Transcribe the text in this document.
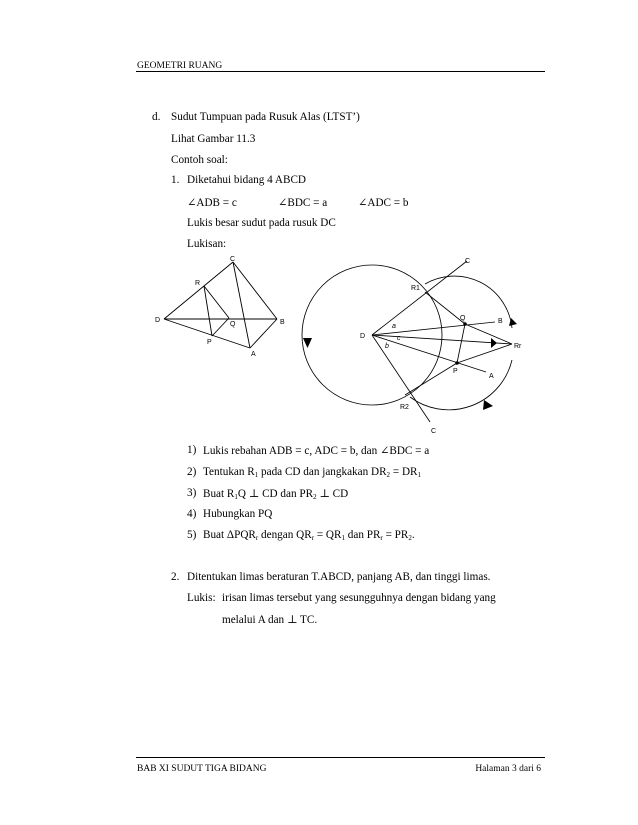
GEOMETRI RUANG
d. Sudut Tumpuan pada Rusuk Alas (LTST’)
Lihat Gambar 11.3
Contoh soal:
1. Diketahui bidang 4 ABCD
∠ADB = c	∠BDC = a	∠ADC = b
Lukis besar sudut pada rusuk DC
Lukisan:
C
R
D
Q	B
P
A
C
R1
Q	B
D
a
c
b	Rr
P
A
R2
C
1) Lukis rebahan ADB = c, ADC = b, dan ∠BDC = a
2) Tentukan $R_1$ pada CD dan jangkakan $DR_2 = DR_1$
3) Buat $R_1Q$ ⊥ CD dan $PR_2$ ⊥ CD
4) Hubungkan PQ
5) Buat $\Delta PQR_r$ dengan $QR_r = QR_1$ dan $PR_r = PR_2$.
2. Ditentukan limas beraturan T.ABCD, panjang AB, dan tinggi limas.
Lukis: irisan limas tersebut yang sesungguhnya dengan bidang yang
melalui A dan ⊥ TC.
BAB XI SUDUT TIGA BIDANG	Halaman 3 dari 6
